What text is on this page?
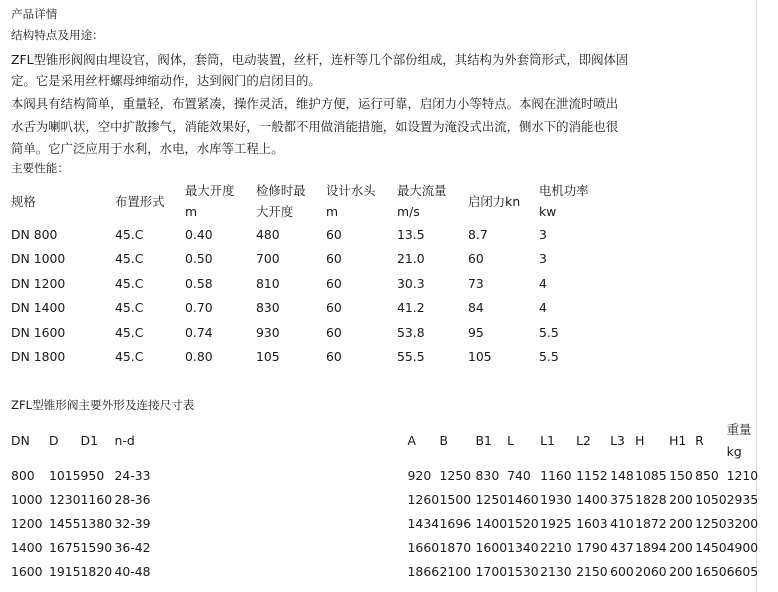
产品详情
结构特点及用途：
ZFL型锥形阀阀由埋设官，阀体，套筒，电动装置，丝杆，连杆等几个部份组成，其结构为外套筒形式，即阀体固
定。它是采用丝杆螺母绅缩动作，达到阀门的启闭目的。
本阀具有结构简单，重量轻，布置紧凑，操作灵活，维护方便，运行可靠，启闭力小等特点。本阀在泄流时喷出
水舌为喇叭状，空中扩散掺气，消能效果好，一般都不用做消能措施，如设置为淹没式出流，侧水下的消能也很
简单。它广泛应用于水利，水电，水库等工程上。
主要性能：
规格	布置形式	最大开度
m	检修时最
大开度	设计水头
m	最大流量
m/s	启闭力kn	电机功率
kw

DN 800	45.C	0.40	480	60	13.5	8.7	3
DN 1000	45.C	0.50	700	60	21.0	60	3
DN 1200	45.C	0.58	810	60	30.3	73	4
DN 1400	45.C	0.70	830	60	41.2	84	4
DN 1600	45.C	0.74	930	60	53.8	95	5.5
DN 1800	45.C	0.80	105	60	55.5	105	5.5
ZFL型锥形阀主要外形及连接尺寸表
DN	D	D1	n-d		A	B	B1	L	L1	L2	L3	H	H1	R	重量
kg

800	1015	950	24-33		920	1250	830	740	1160	1152	148	1085	150	850	1210
1000	1230	1160	28-36		1260	1500	1250	1460	1930	1400	375	1828	200	1050	2935
1200	1455	1380	32-39		1434	1696	1400	1520	1925	1603	410	1872	200	1250	3200
1400	1675	1590	36-42		1660	1870	1600	1340	2210	1790	437	1894	200	1450	4900
1600	1915	1820	40-48		1866	2100	1700	1530	2130	2150	600	2060	200	1650	6605
